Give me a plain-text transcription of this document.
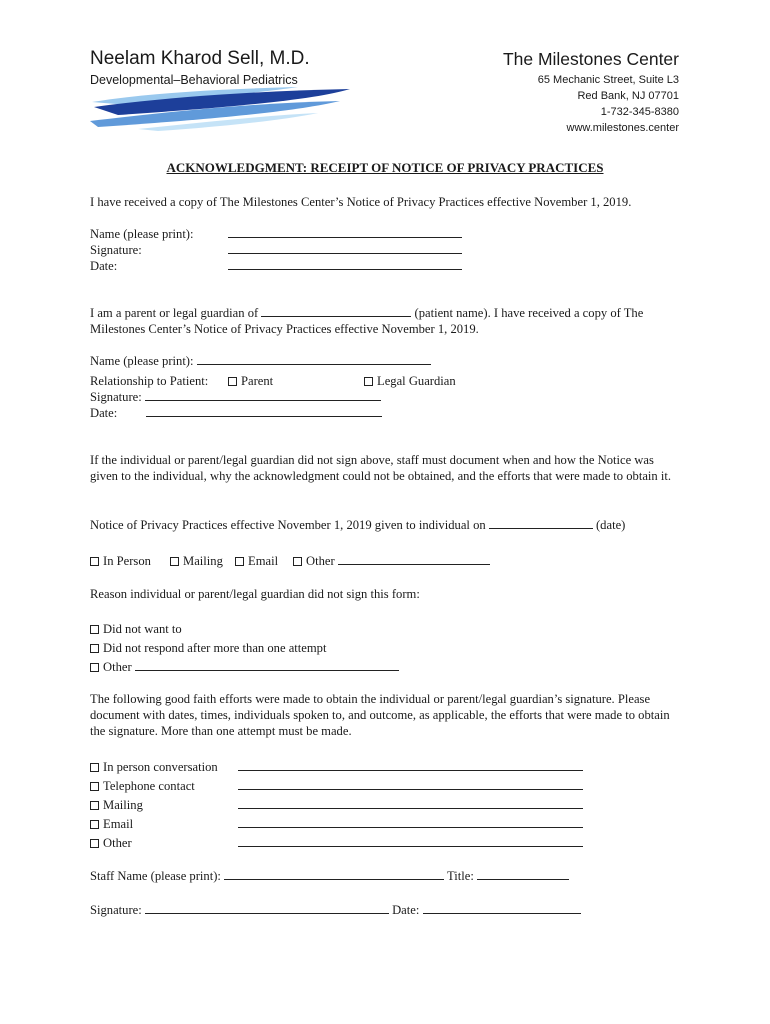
Neelam Kharod Sell, M.D.
Developmental–Behavioral Pediatrics
The Milestones Center
65 Mechanic Street, Suite L3
Red Bank, NJ 07701
1-732-345-8380
www.milestones.center
ACKNOWLEDGMENT: RECEIPT OF NOTICE OF PRIVACY PRACTICES
I have received a copy of The Milestones Center’s Notice of Privacy Practices effective November 1, 2019.
Name (please print):
Signature:
Date:
I am a parent or legal guardian of	(patient name). I have received a copy of The
Milestones Center’s Notice of Privacy Practices effective November 1, 2019.
Name (please print):
Relationship to Patient:	Parent	Legal Guardian
Signature:
Date:
If the individual or parent/legal guardian did not sign above, staff must document when and how the Notice was given to the individual, why the acknowledgment could not be obtained, and the efforts that were made to obtain it.
Notice of Privacy Practices effective November 1, 2019 given to individual on	(date)
In Person	Mailing	Email	Other
Reason individual or parent/legal guardian did not sign this form:
Did not want to
Did not respond after more than one attempt
Other
The following good faith efforts were made to obtain the individual or parent/legal guardian’s signature. Please document with dates, times, individuals spoken to, and outcome, as applicable, the efforts that were made to obtain the signature. More than one attempt must be made.
In person conversation
Telephone contact
Mailing
Email
Other
Staff Name (please print):	Title:
Signature:	Date:
